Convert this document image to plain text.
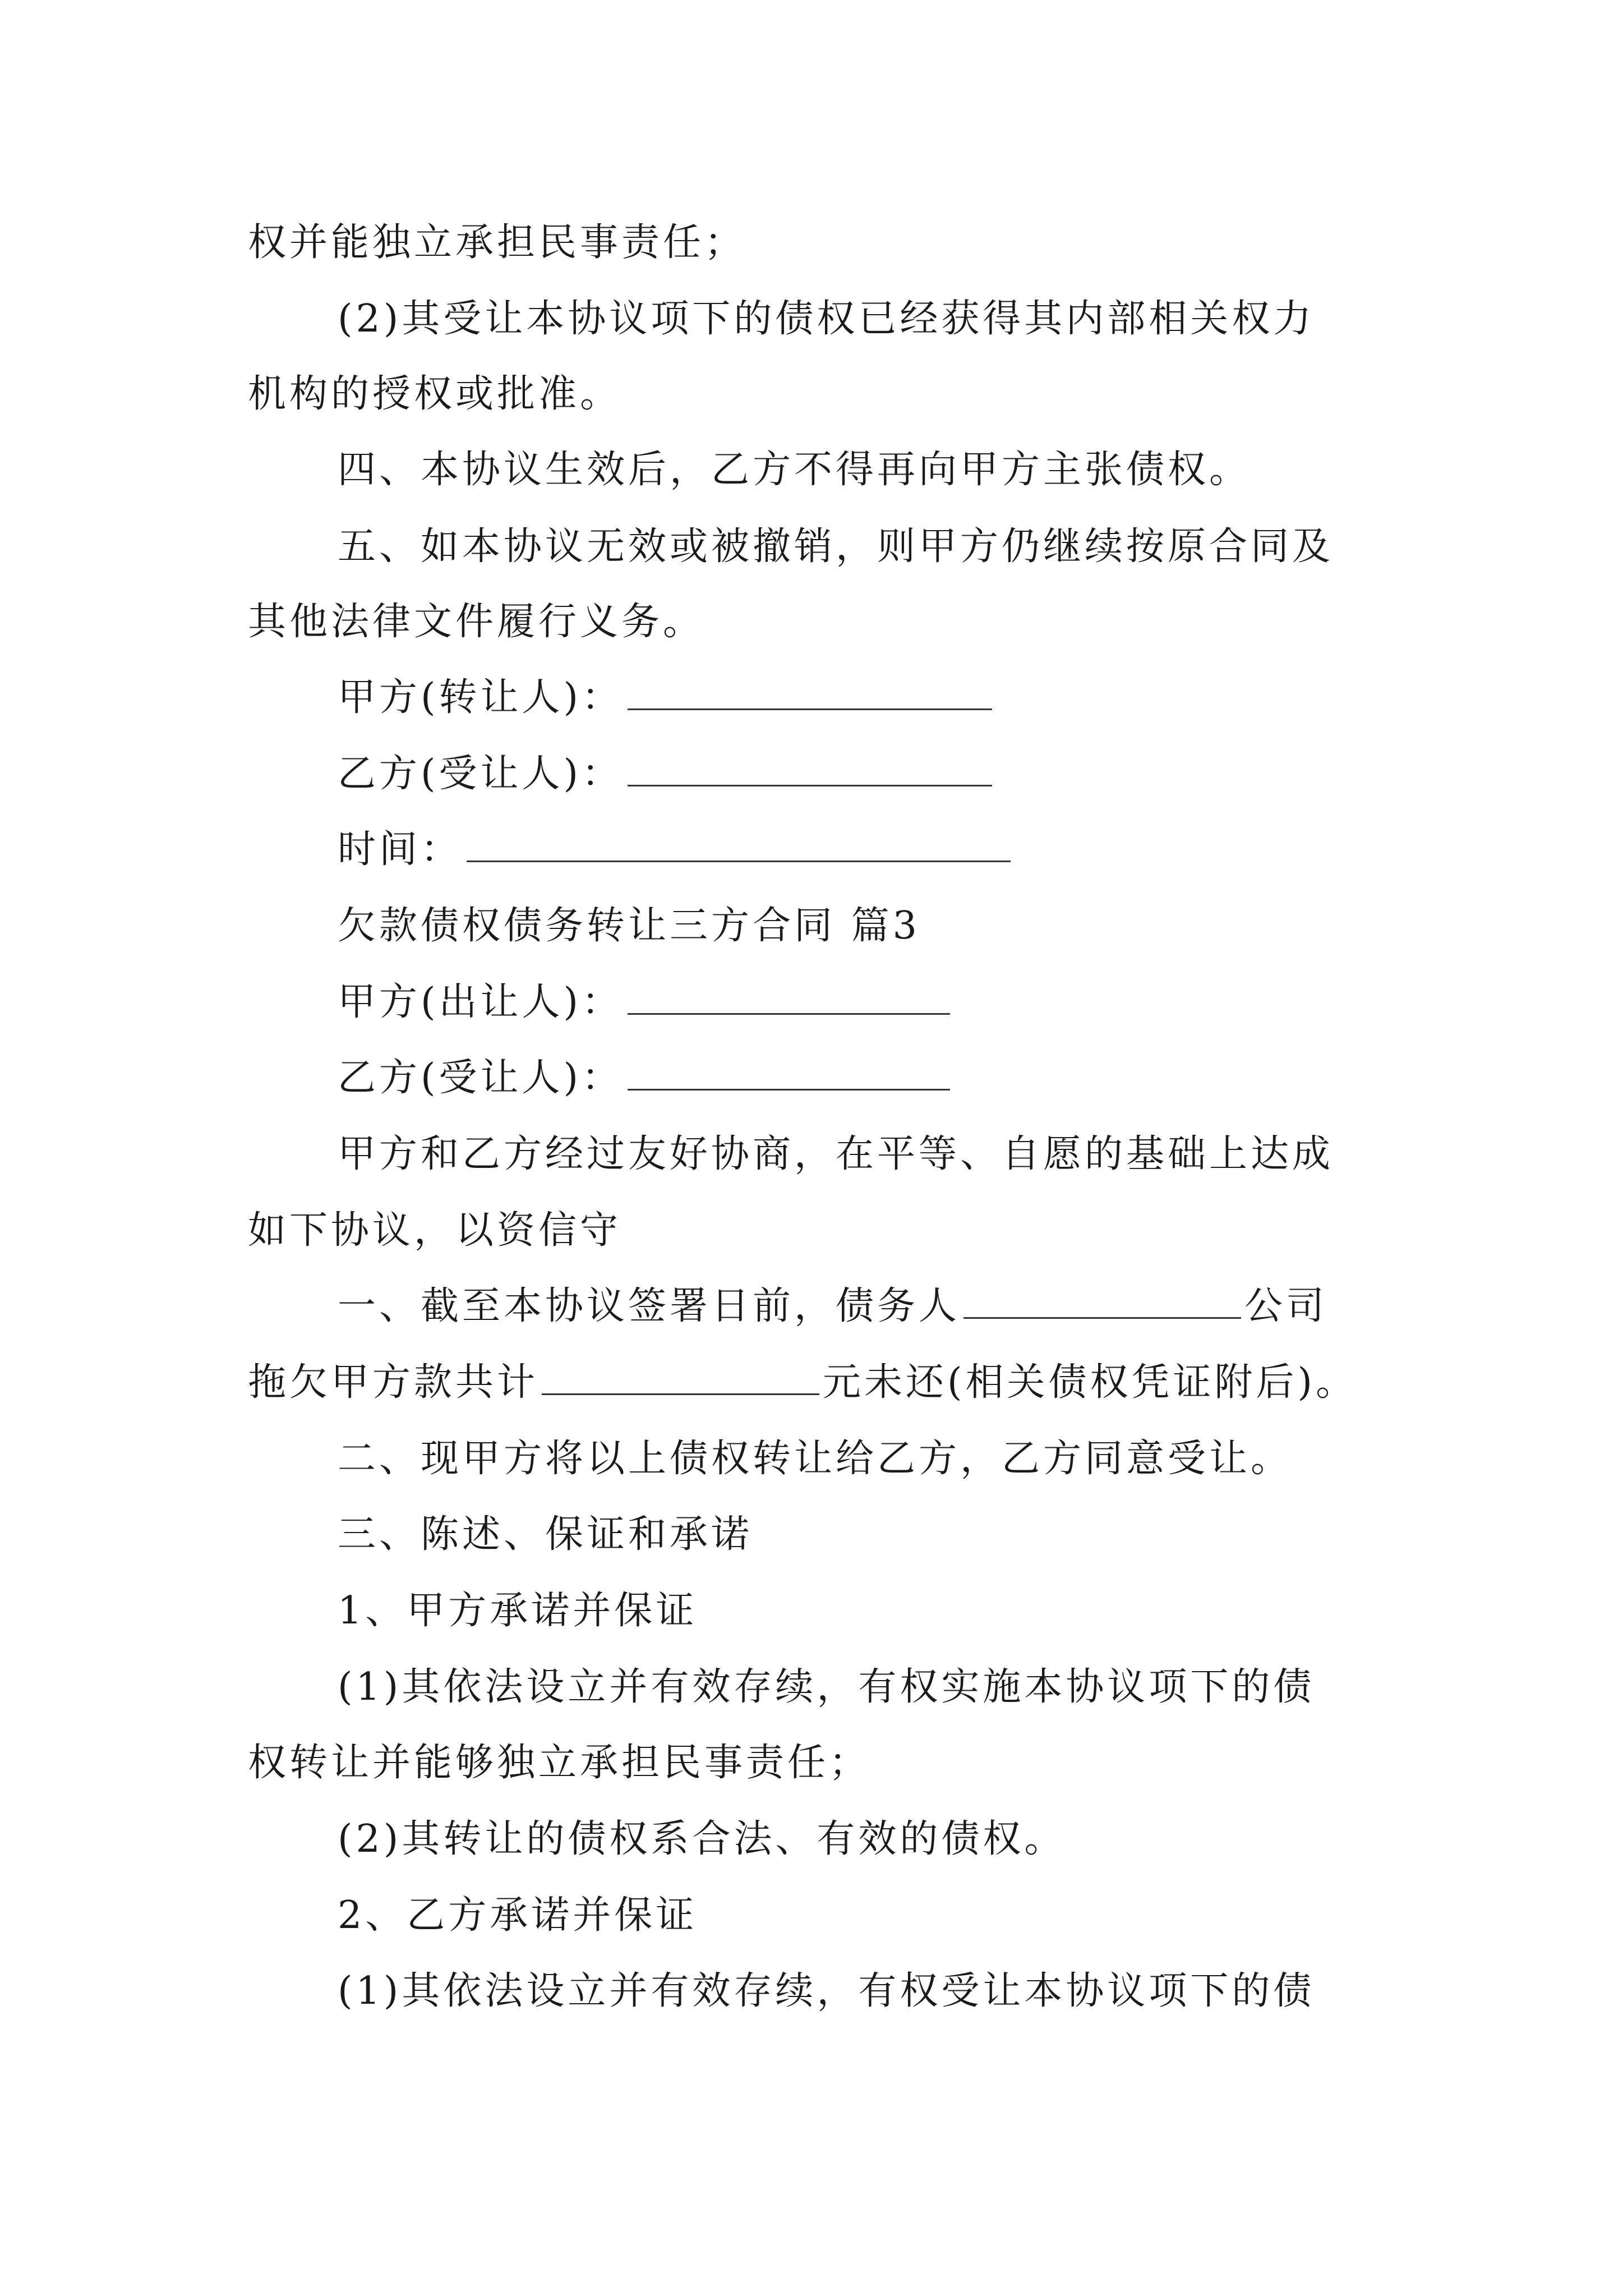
权并能独立承担民事责任；
(2)其受让本协议项下的债权已经获得其内部相关权力
机构的授权或批准。
四、本协议生效后，乙方不得再向甲方主张债权。
五、如本协议无效或被撤销，则甲方仍继续按原合同及
其他法律文件履行义务。
甲方(转让人)：
乙方(受让人)：
时间：
欠款债权债务转让三方合同 篇3
甲方(出让人)：
乙方(受让人)：
甲方和乙方经过友好协商，在平等、自愿的基础上达成
如下协议，以资信守
一、截至本协议签署日前，债务人	公司
拖欠甲方款共计	元未还(相关债权凭证附后)。
二、现甲方将以上债权转让给乙方，乙方同意受让。
三、陈述、保证和承诺
1、甲方承诺并保证
(1)其依法设立并有效存续，有权实施本协议项下的债
权转让并能够独立承担民事责任；
(2)其转让的债权系合法、有效的债权。
2、乙方承诺并保证
(1)其依法设立并有效存续，有权受让本协议项下的债
